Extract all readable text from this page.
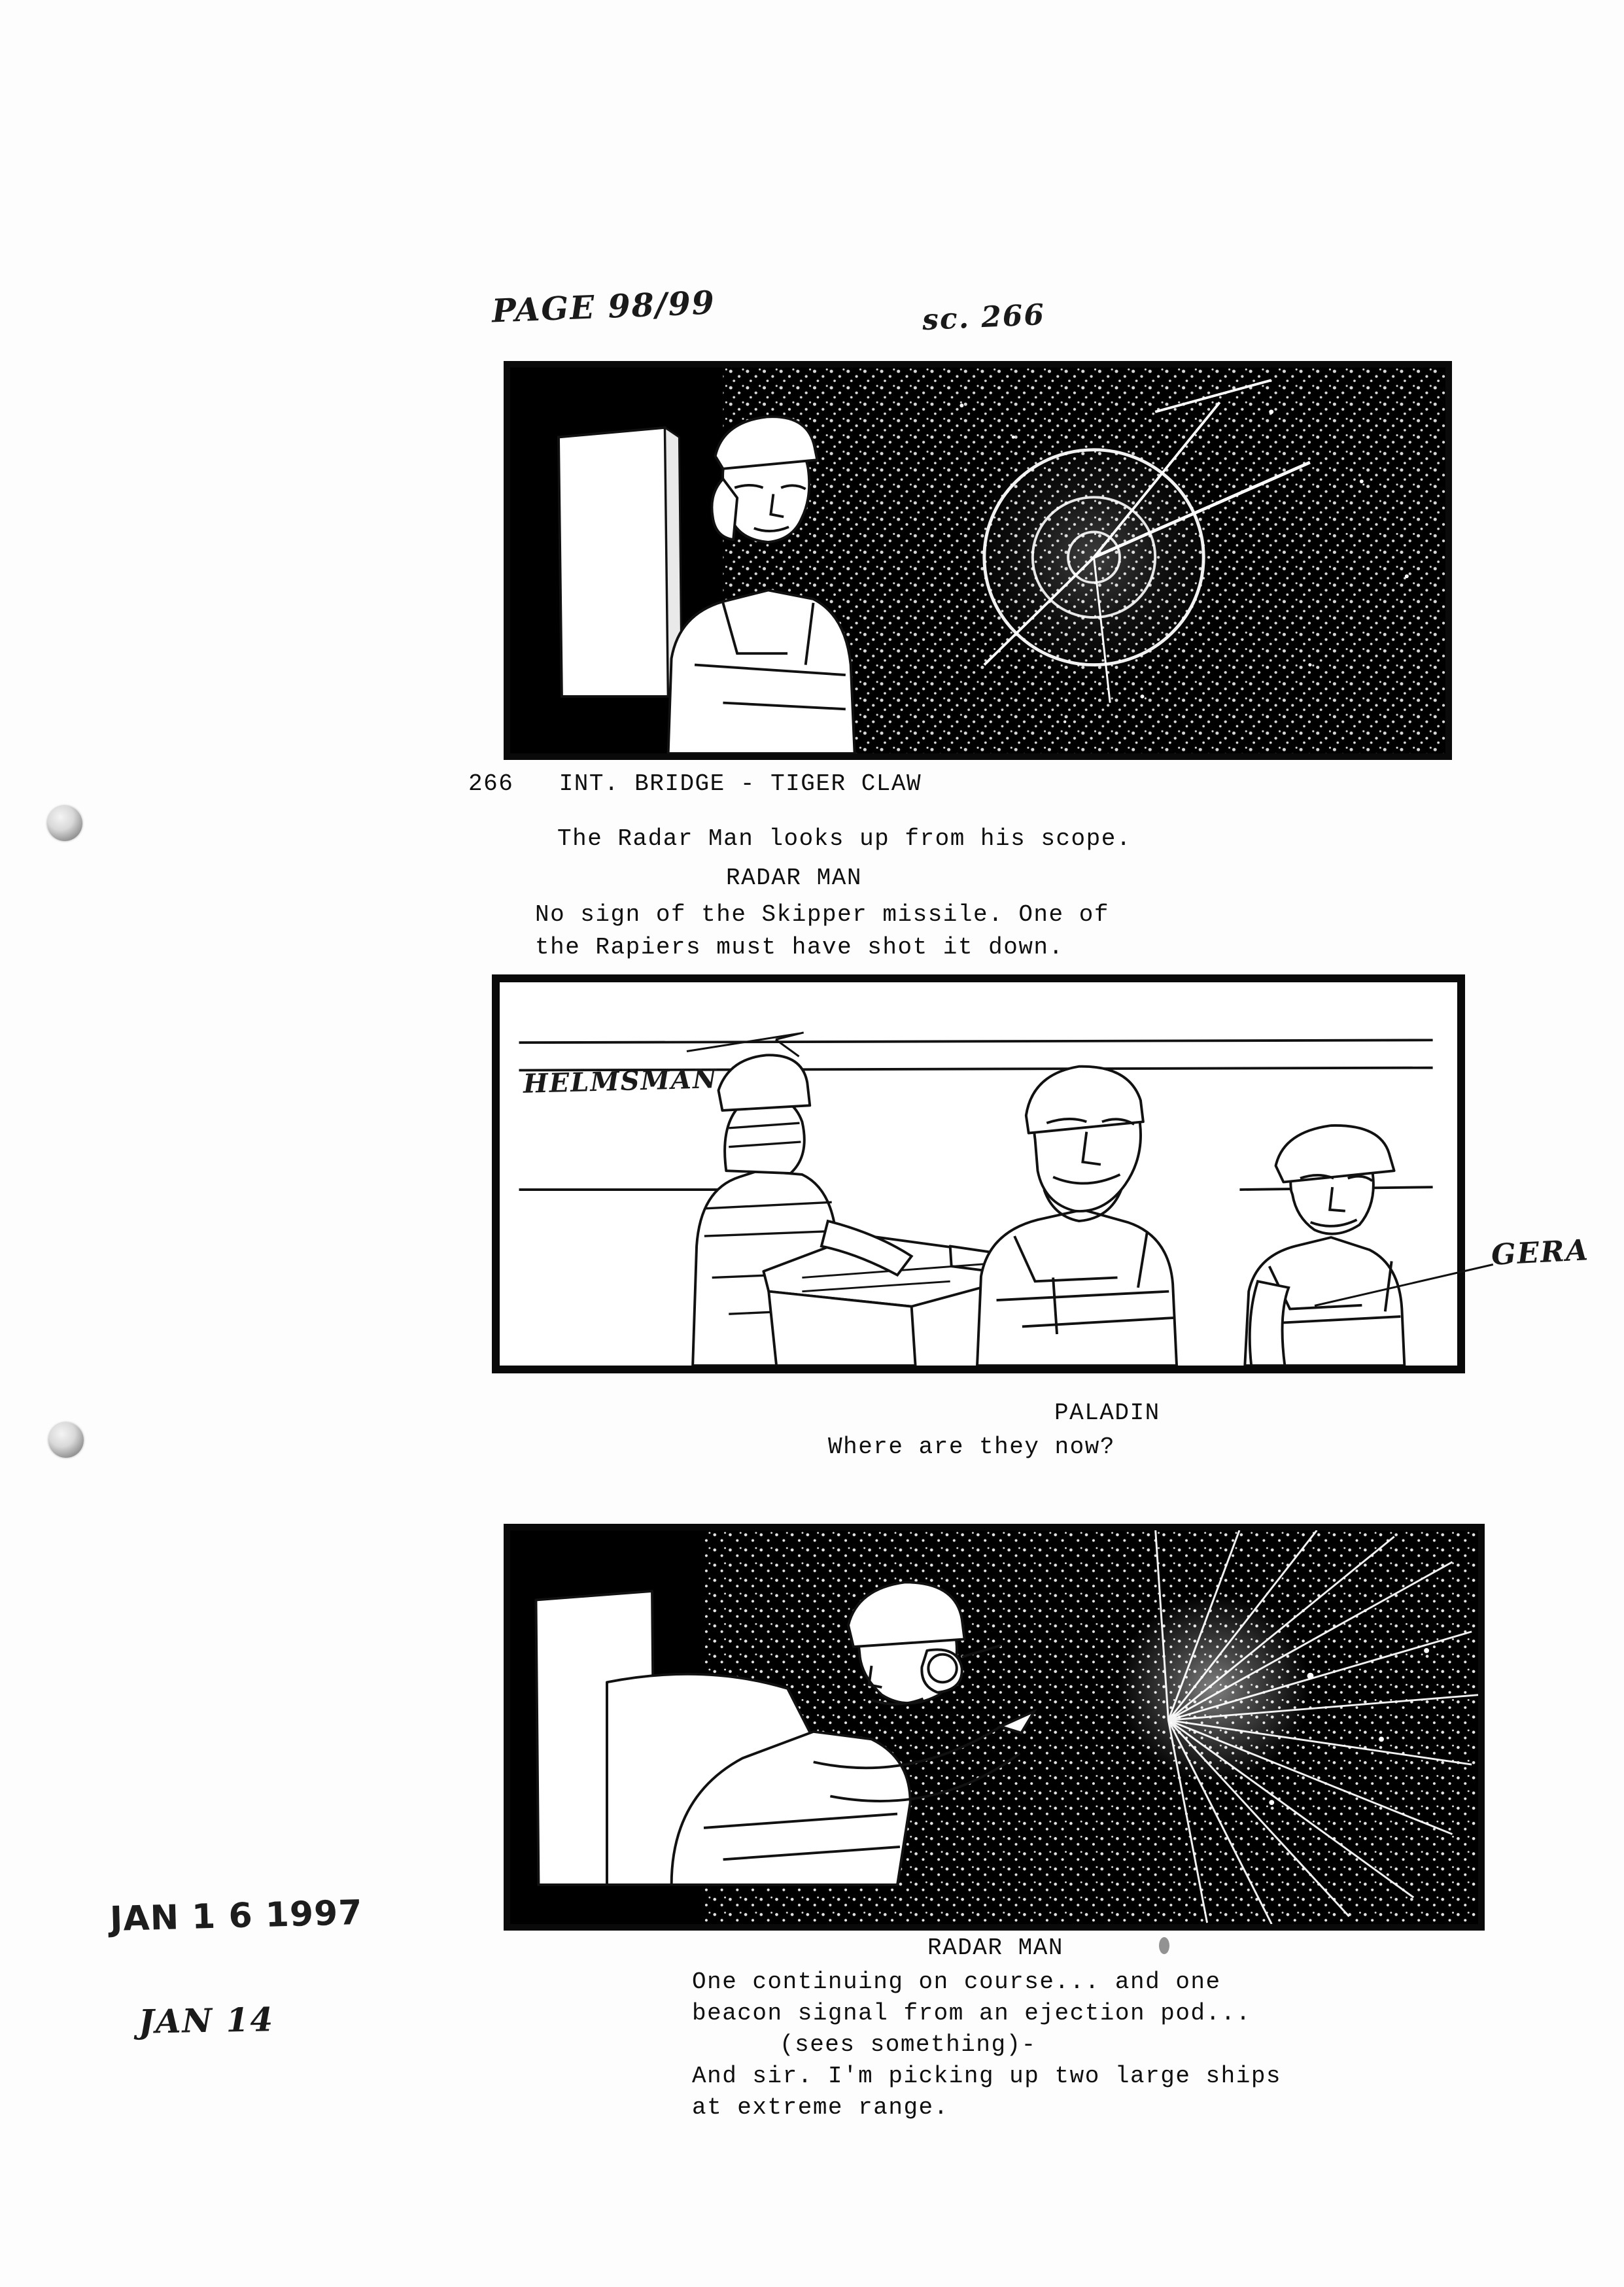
PAGE 98/99	sc. 266
266 INT. BRIDGE - TIGER CLAW
The Radar Man looks up from his scope.
RADAR MAN
No sign of the Skipper missile. One of
the Rapiers must have shot it down.
HELMSMAN
GERA
PALADIN
Where are they now?
RADAR MAN
One continuing on course... and one
beacon signal from an ejection pod...
(sees something)-
And sir. I'm picking up two large ships
at extreme range.
JAN 1 6 1997
JAN 14
